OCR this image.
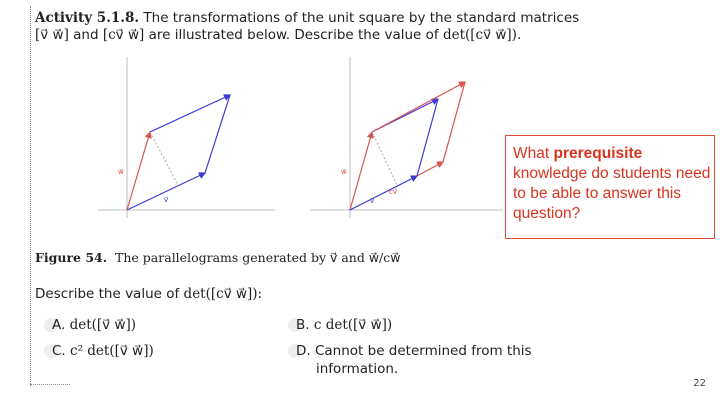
Activity 5.1.8. The transformations of the unit square by the standard matrices
[v⃗ w⃗] and [cv⃗ w⃗] are illustrated below. Describe the value of det([cv⃗ w⃗]).
w⃗
v⃗
w⃗
v⃗
cv⃗
Figure 54. The parallelograms generated by v⃗ and w⃗/cw⃗
Describe the value of det([cv⃗ w⃗]):
A. det([v⃗ w⃗])
C. c² det([v⃗ w⃗])
B. c det([v⃗ w⃗])
D. Cannot be determined from this
information.
What prerequisite knowledge do students need to be able to answer this question?
22
